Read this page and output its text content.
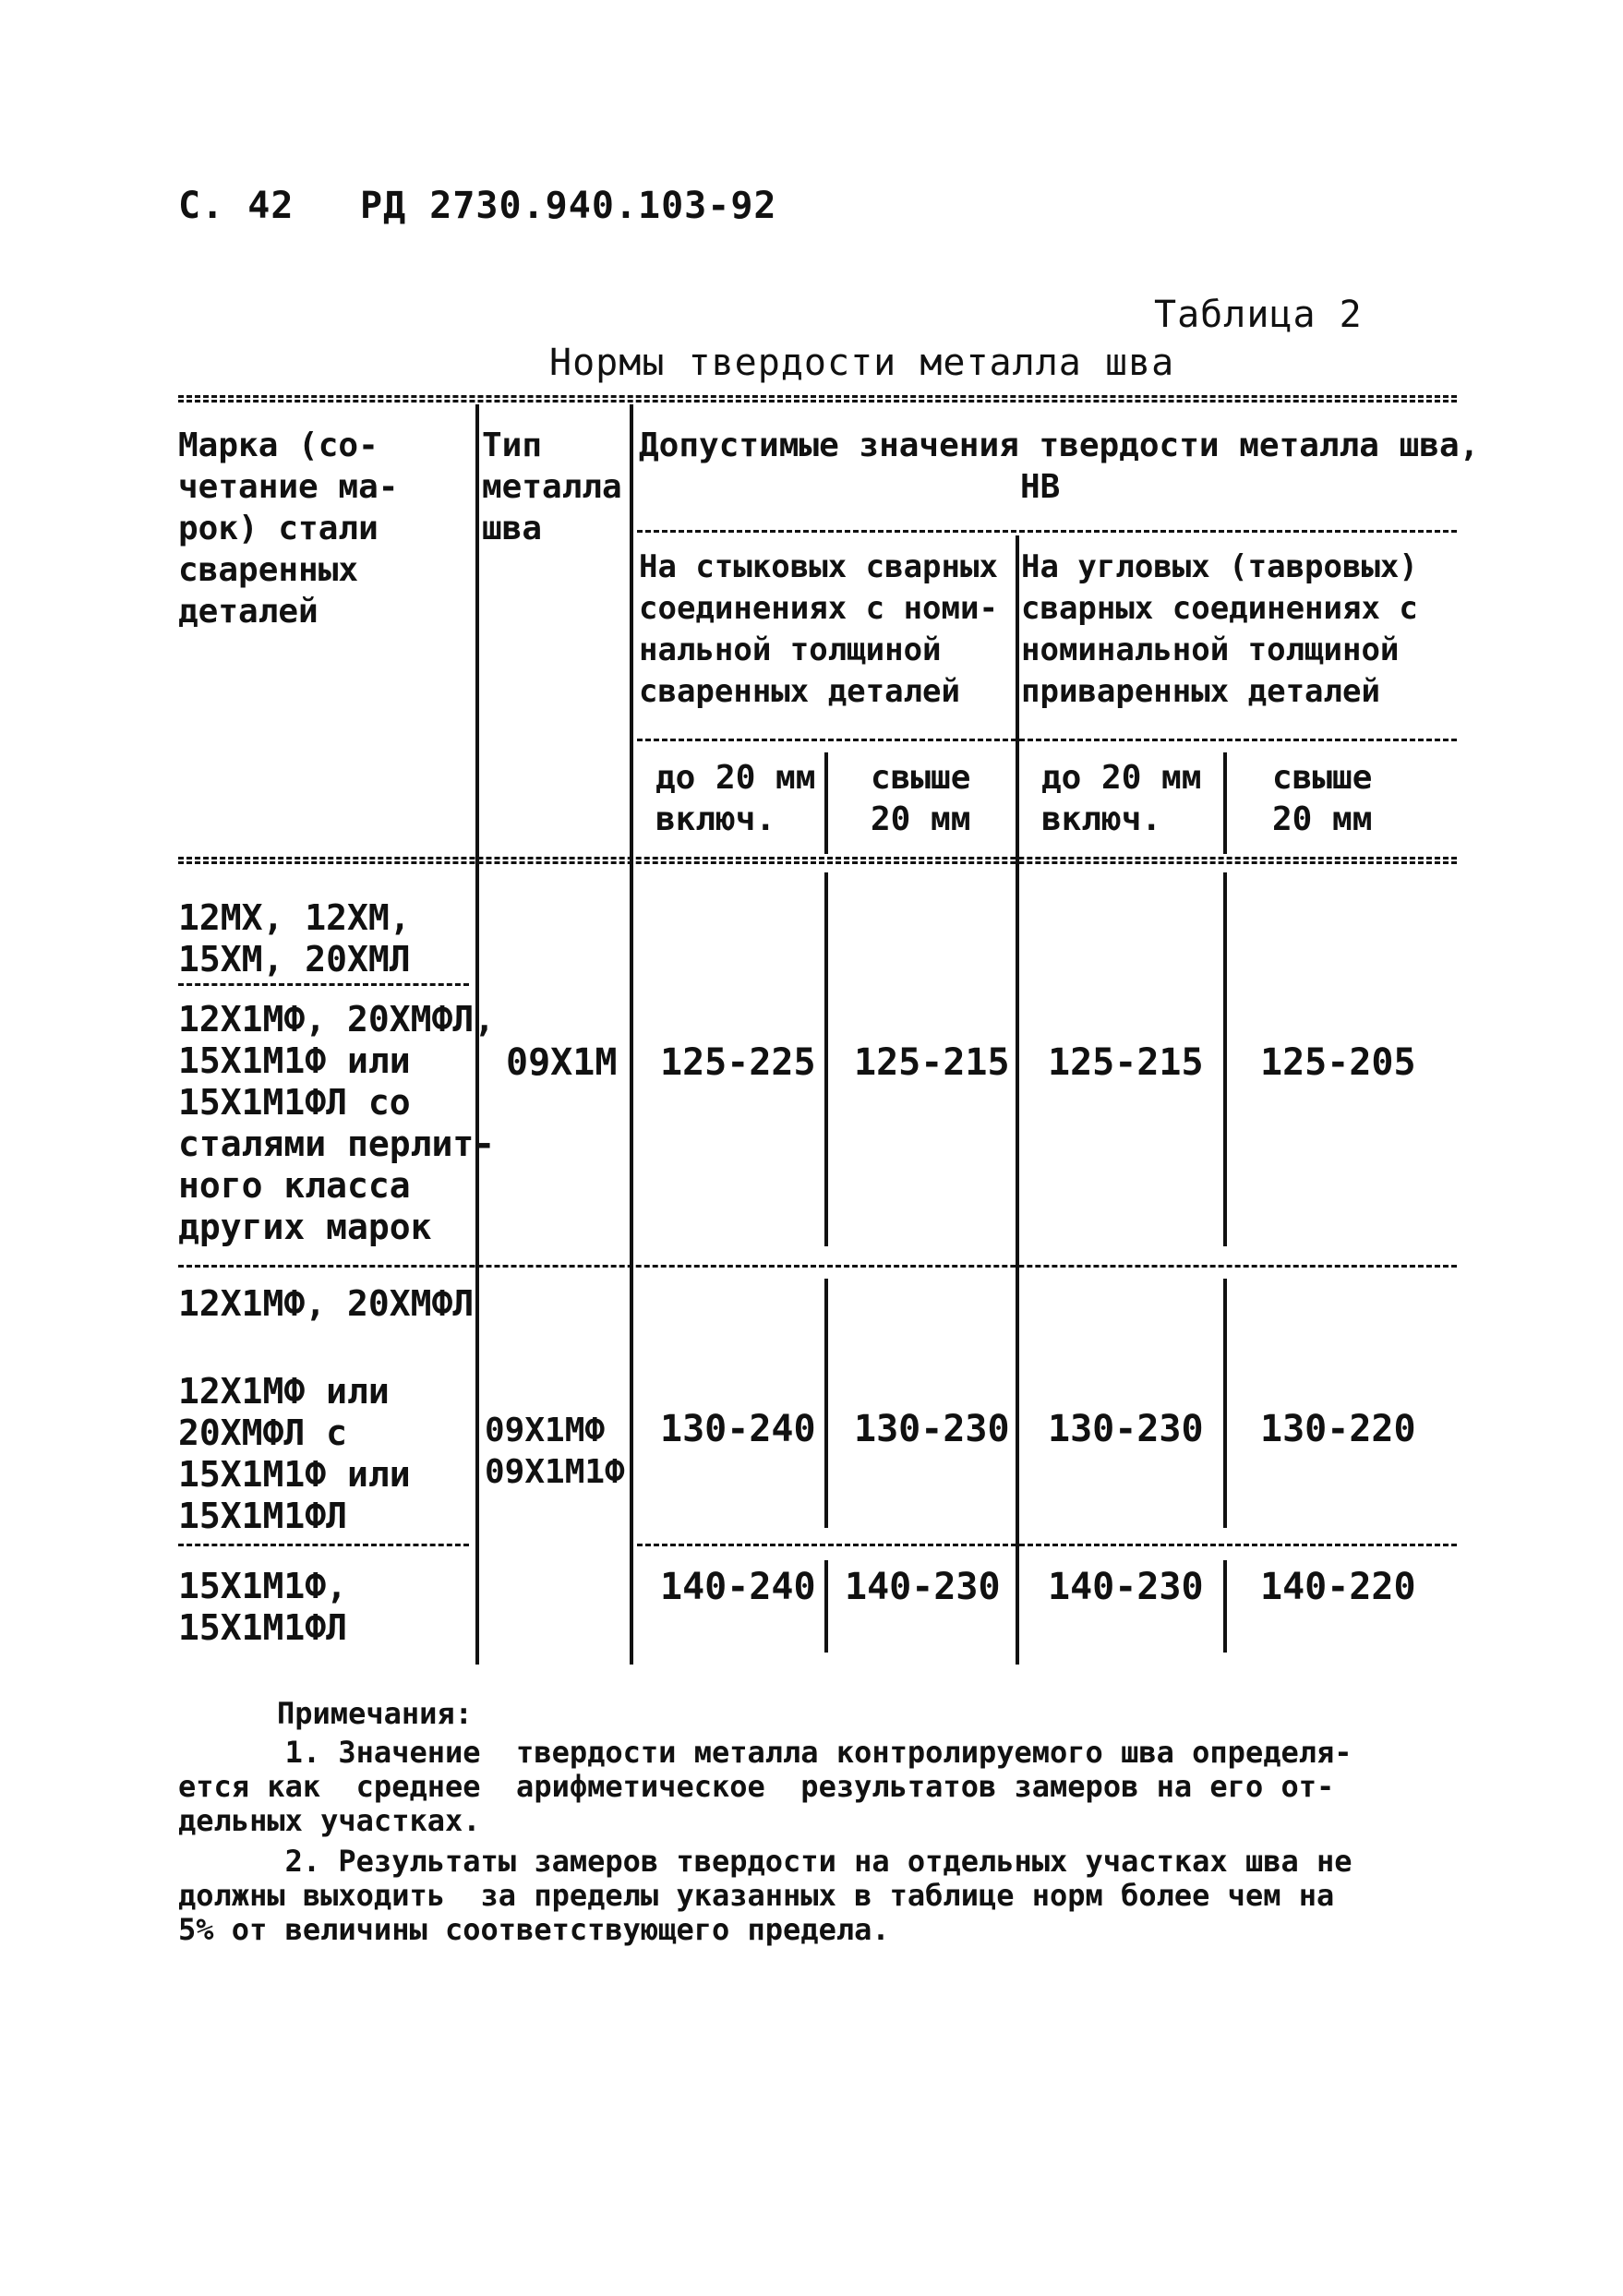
С. 42 РД 2730.940.103-92
Таблица 2
Нормы твердости металла шва
Марка (со-
четание ма-
рок) стали
сваренных
деталей
Тип
металла
шва
Допустимые значения твердости металла шва,
НВ
На стыковых сварных
соединениях с номи-
нальной толщиной
сваренных деталей
На угловых (тавровых)
сварных соединениях с
номинальной толщиной
приваренных деталей
до 20 мм
включ.
свыше
20 мм
до 20 мм
включ.
свыше
20 мм
12МХ, 12ХМ,
15ХМ, 20ХМЛ
12Х1МФ, 20ХМФЛ,
15Х1М1Ф или
15Х1М1ФЛ со
сталями перлит-
ного класса
других марок
09Х1М 125-225 125-215 125-215 125-205
12Х1МФ, 20ХМФЛ
12Х1МФ или
20ХМФЛ с
15Х1М1Ф или
15Х1М1ФЛ
09Х1МФ
09Х1М1Ф
130-240 130-230 130-230 130-220
15Х1М1Ф,
15Х1М1ФЛ
140-240 140-230 140-230 140-220
Примечания:
1. Значение  твердости металла контролируемого шва определя-
ется как  среднее  арифметическое  результатов замеров на его от-
дельных участках.
2. Результаты замеров твердости на отдельных участках шва не
должны выходить  за пределы указанных в таблице норм более чем на
5% от величины соответствующего предела.
